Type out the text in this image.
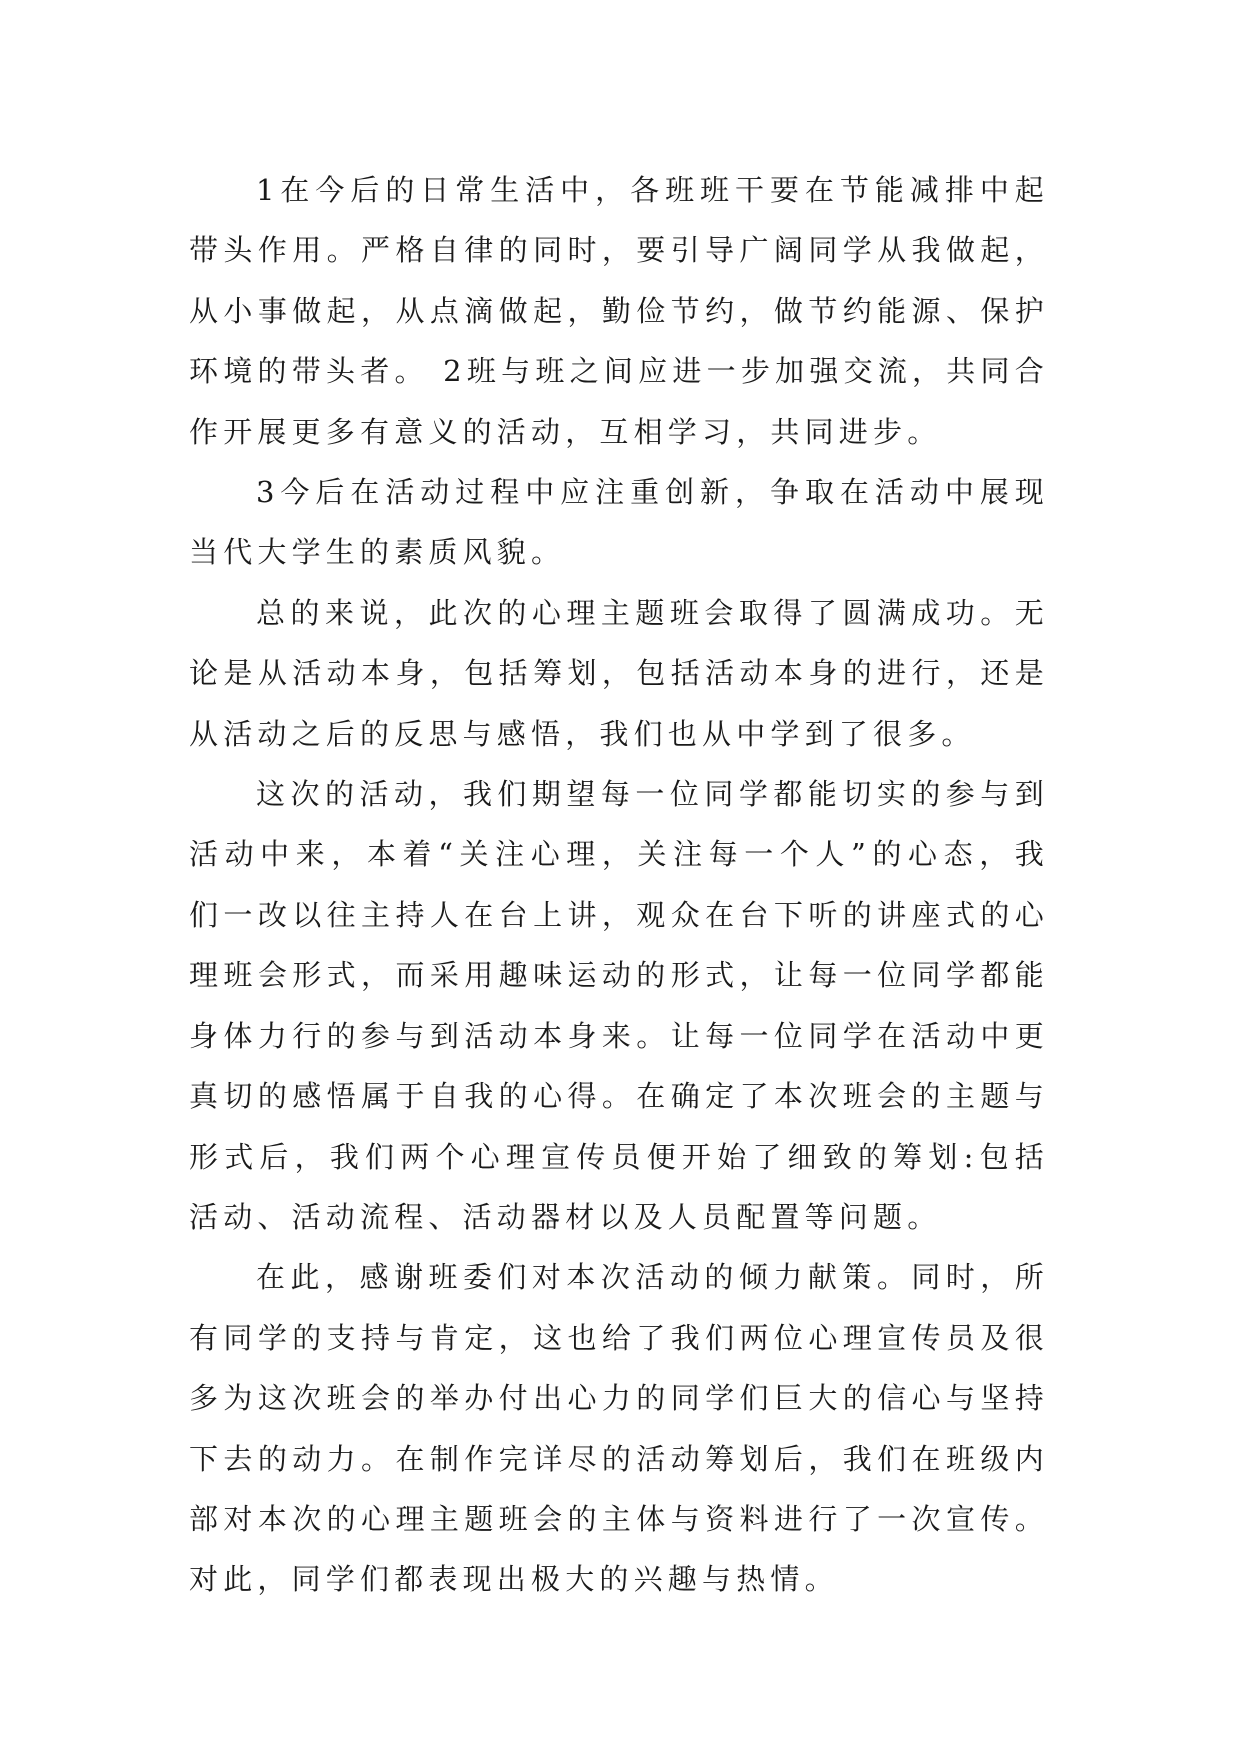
1在今后的日常生活中，各班班干要在节能减排中起带头作用。严格自律的同时，要引导广阔同学从我做起，从小事做起，从点滴做起，勤俭节约，做节约能源、保护环境的带头者。 2班与班之间应进一步加强交流，共同合作开展更多有意义的活动，互相学习，共同进步。

3今后在活动过程中应注重创新，争取在活动中展现当代大学生的素质风貌。

总的来说，此次的心理主题班会取得了圆满成功。无论是从活动本身，包括筹划，包括活动本身的进行，还是从活动之后的反思与感悟，我们也从中学到了很多。

这次的活动，我们期望每一位同学都能切实的参与到活动中来，本着“关注心理，关注每一个人”的心态，我们一改以往主持人在台上讲，观众在台下听的讲座式的心理班会形式，而采用趣味运动的形式，让每一位同学都能身体力行的参与到活动本身来。让每一位同学在活动中更真切的感悟属于自我的心得。在确定了本次班会的主题与形式后，我们两个心理宣传员便开始了细致的筹划:包括活动、活动流程、活动器材以及人员配置等问题。

在此，感谢班委们对本次活动的倾力献策。同时，所有同学的支持与肯定，这也给了我们两位心理宣传员及很多为这次班会的举办付出心力的同学们巨大的信心与坚持下去的动力。在制作完详尽的活动筹划后，我们在班级内部对本次的心理主题班会的主体与资料进行了一次宣传。对此，同学们都表现出极大的兴趣与热情。
